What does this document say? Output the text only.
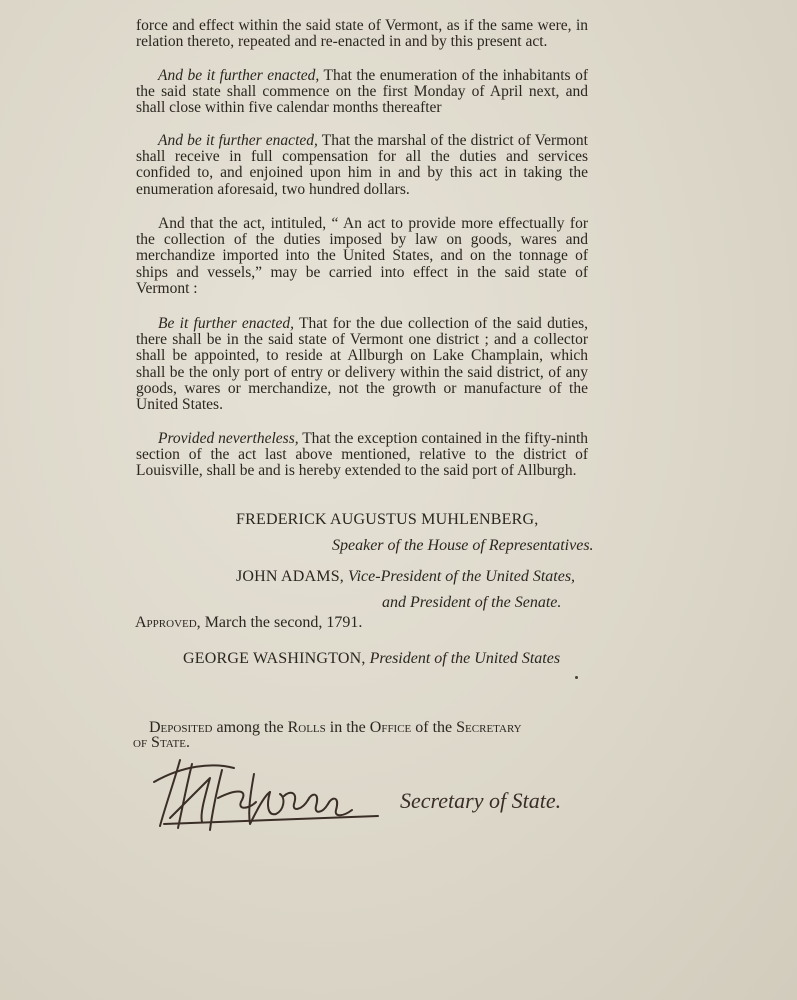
force and effect within the said state of Vermont, as if the same were, in relation thereto, repeated and re-enacted in and by this present act.

And be it further enacted, That the enumeration of the inhabitants of the said state shall commence on the first Monday of April next, and shall close within five calendar months thereafter

And be it further enacted, That the marshal of the district of Vermont shall receive in full compensation for all the duties and services confided to, and enjoined upon him in and by this act in taking the enumeration aforesaid, two hundred dollars.

And that the act, intituled, “ An act to provide more effectually for the collection of the duties imposed by law on goods, wares and merchandize imported into the United States, and on the tonnage of ships and vessels,” may be carried into effect in the said state of Vermont :

Be it further enacted, That for the due collection of the said duties, there shall be in the said state of Vermont one district ; and a collector shall be appointed, to reside at Allburgh on Lake Champlain, which shall be the only port of entry or delivery within the said district, of any goods, wares or merchandize, not the growth or manufacture of the United States.

Provided nevertheless, That the exception contained in the fifty-ninth section of the act last above mentioned, relative to the district of Louisville, shall be and is hereby extended to the said port of Allburgh.

FREDERICK AUGUSTUS MUHLENBERG,
Speaker of the House of Representatives.
JOHN ADAMS, Vice-President of the United States,
and President of the Senate.
Approved, March the second, 1791.
GEORGE WASHINGTON, President of the United States
Deposited among the Rolls in the Office of the Secretary
of State.
Secretary of State.
